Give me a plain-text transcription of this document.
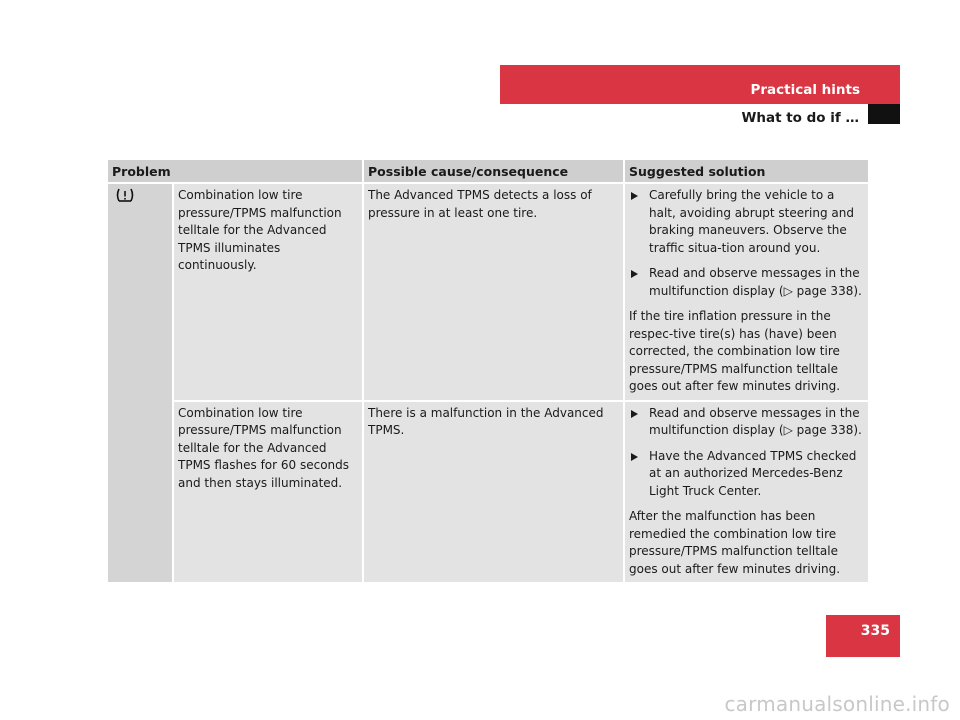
Practical hints
What to do if …
Problem		Possible cause/consequence	Suggested solution
	Combination low tire pressure/TPMS malfunction telltale for the Advanced TPMS illuminates continuously.	The Advanced TPMS detects a loss of pressure in at least one tire.	Carefully bring the vehicle to a halt, avoiding abrupt steering and braking maneuvers. Observe the traffic situa-tion around you.

Read and observe messages in the multifunction display (▷ page 338).

If the tire inflation pressure in the respec-tive tire(s) has (have) been corrected, the combination low tire pressure/TPMS malfunction telltale goes out after few minutes driving.

	Combination low tire pressure/TPMS malfunction telltale for the Advanced TPMS flashes for 60 seconds and then stays illuminated.	There is a malfunction in the Advanced TPMS.	Read and observe messages in the multifunction display (▷ page 338).

Have the Advanced TPMS checked at an authorized Mercedes-Benz Light Truck Center.

After the malfunction has been remedied the combination low tire pressure/TPMS malfunction telltale goes out after few minutes driving.

335
carmanualsonline.info
